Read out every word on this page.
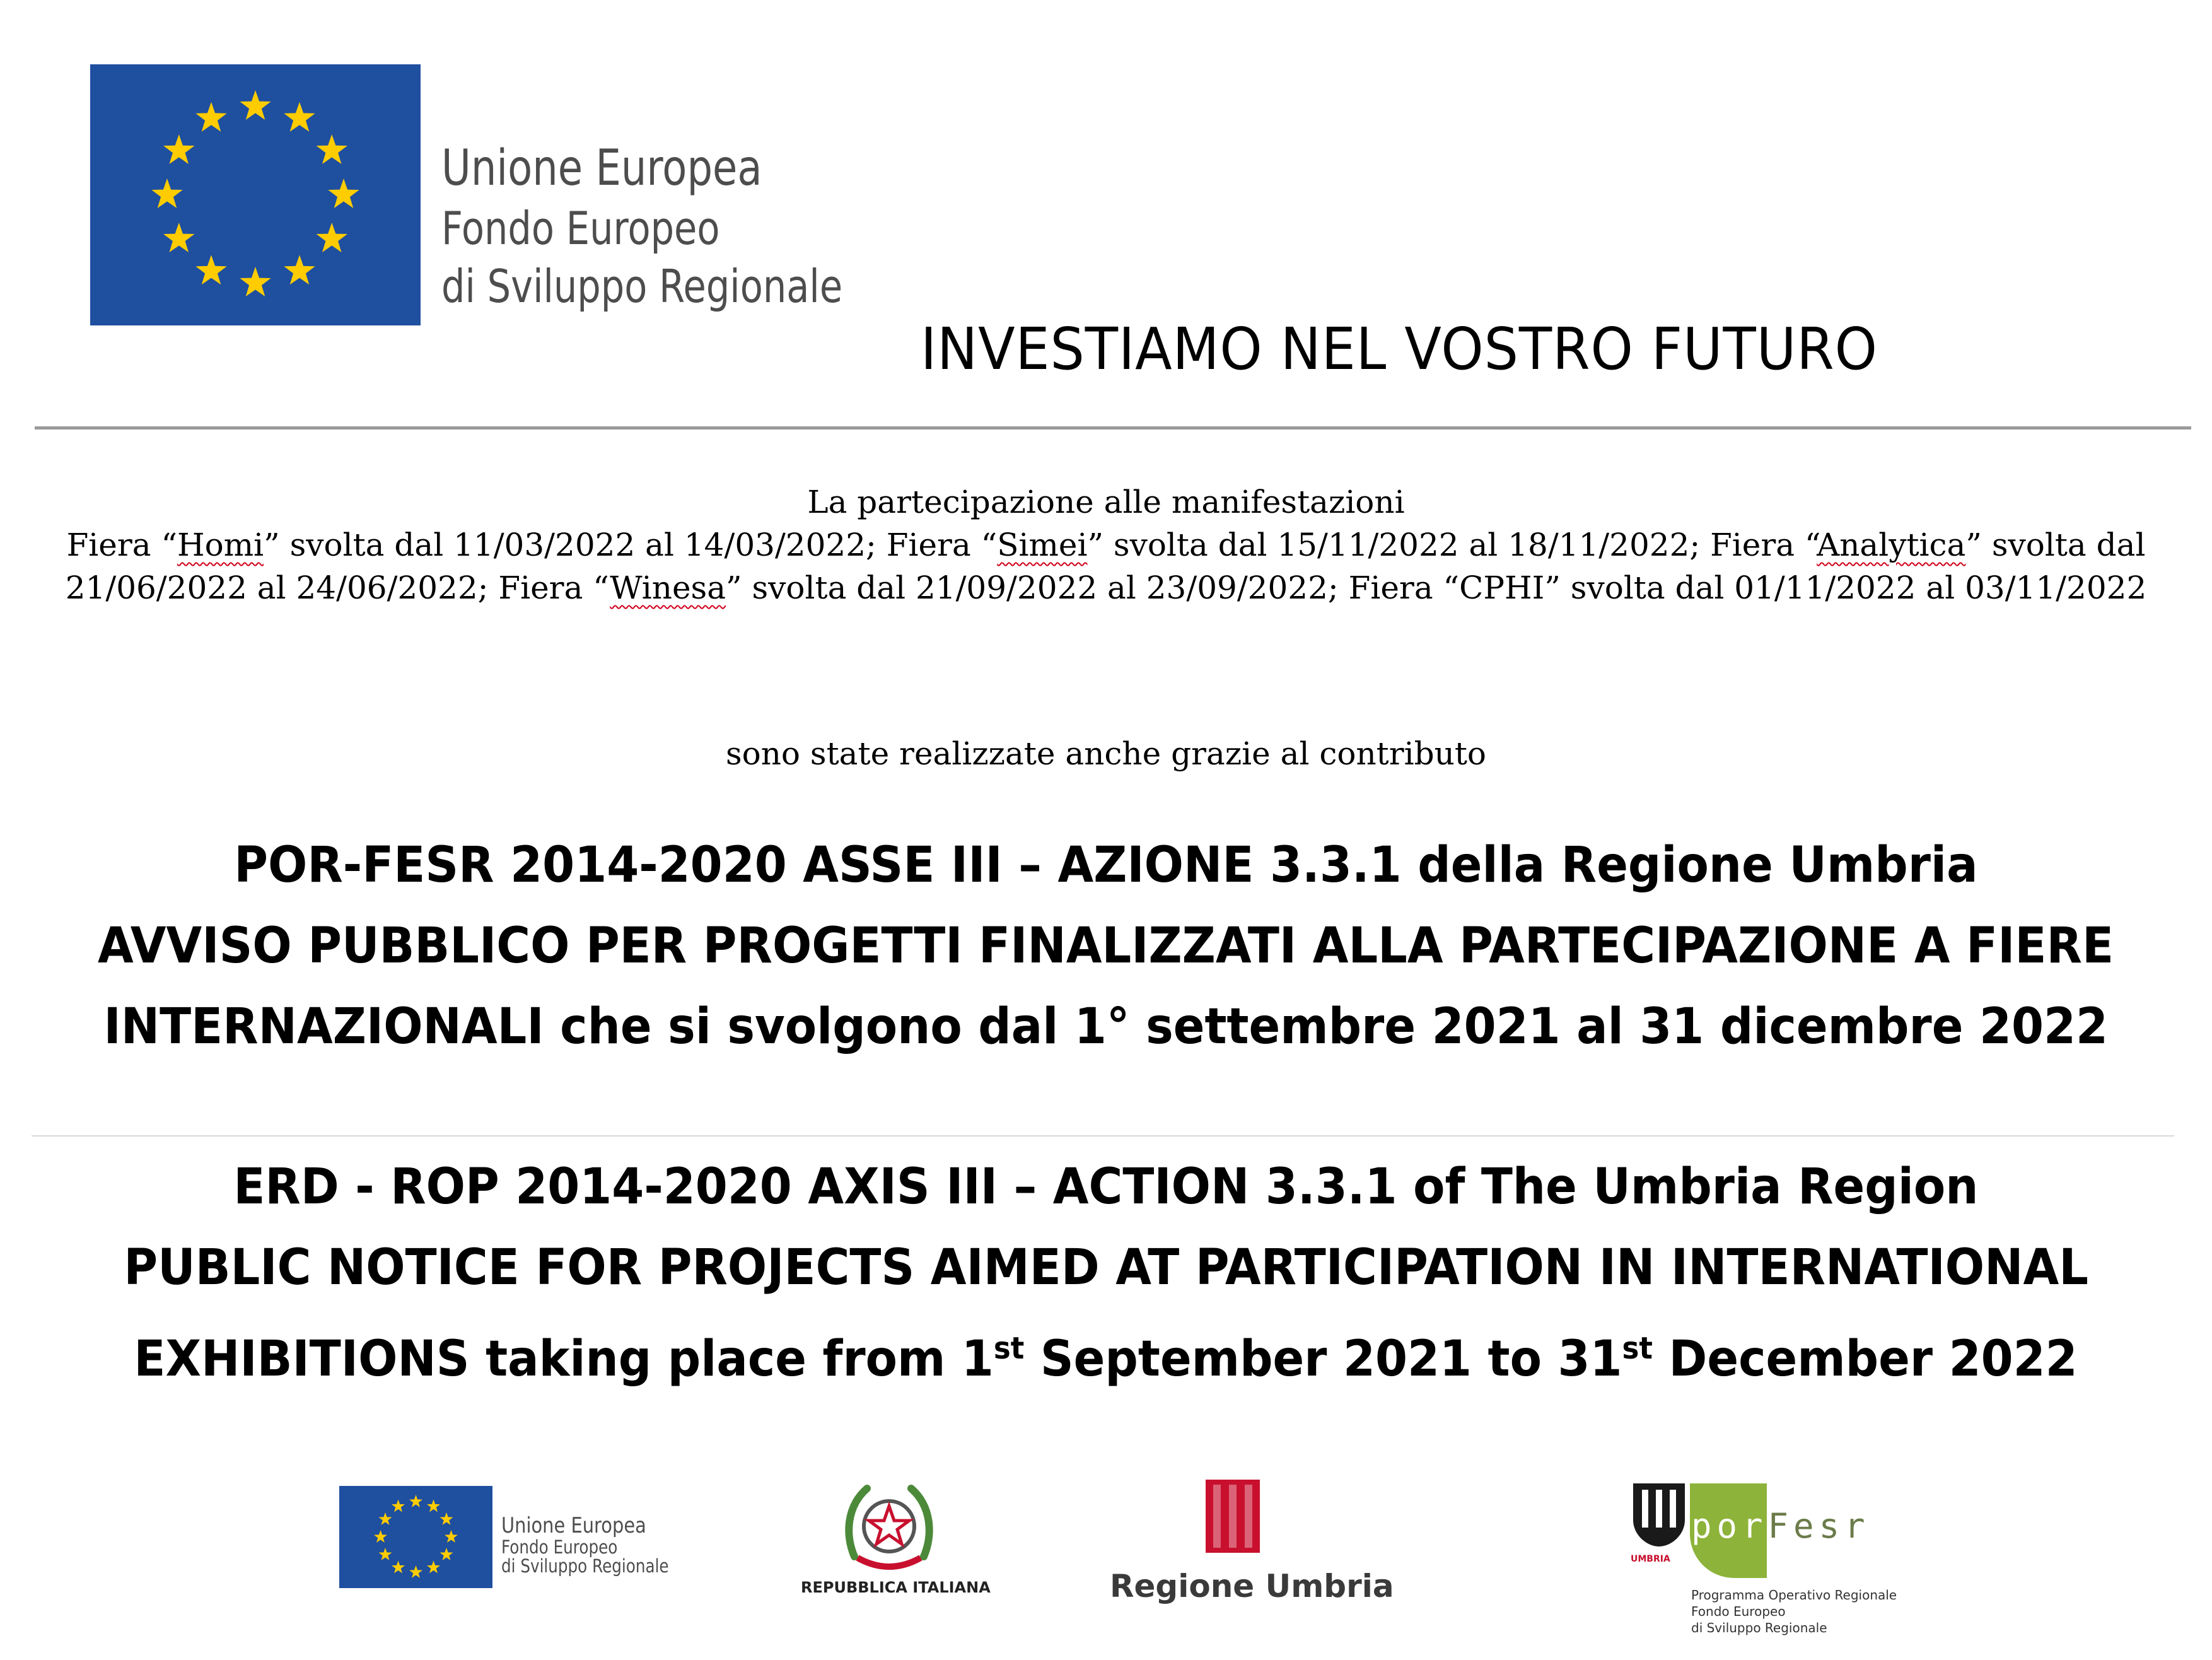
Unione Europea
Fondo Europeo
di Sviluppo Regionale
INVESTIAMO NEL VOSTRO FUTURO
La partecipazione alle manifestazioni
Fiera “Homi” svolta dal 11/03/2022 al 14/03/2022; Fiera “Simei” svolta dal 15/11/2022 al 18/11/2022; Fiera “Analytica” svolta dal
21/06/2022 al 24/06/2022; Fiera “Winesa” svolta dal 21/09/2022 al 23/09/2022; Fiera “CPHI” svolta dal 01/11/2022 al 03/11/2022
sono state realizzate anche grazie al contributo
POR-FESR 2014-2020 ASSE III – AZIONE 3.3.1 della Regione Umbria
AVVISO PUBBLICO PER PROGETTI FINALIZZATI ALLA PARTECIPAZIONE A FIERE
INTERNAZIONALI che si svolgono dal 1° settembre 2021 al 31 dicembre 2022
ERD - ROP 2014-2020 AXIS III – ACTION 3.3.1 of The Umbria Region
PUBLIC NOTICE FOR PROJECTS AIMED AT PARTICIPATION IN INTERNATIONAL
EXHIBITIONS taking place from 1st September 2021 to 31st December 2022
Unione Europea
Fondo Europeo
di Sviluppo Regionale
REPUBBLICA ITALIANA	Regione Umbria
UMBRIA
porFesr
Programma Operativo Regionale
Fondo Europeo
di Sviluppo Regionale
